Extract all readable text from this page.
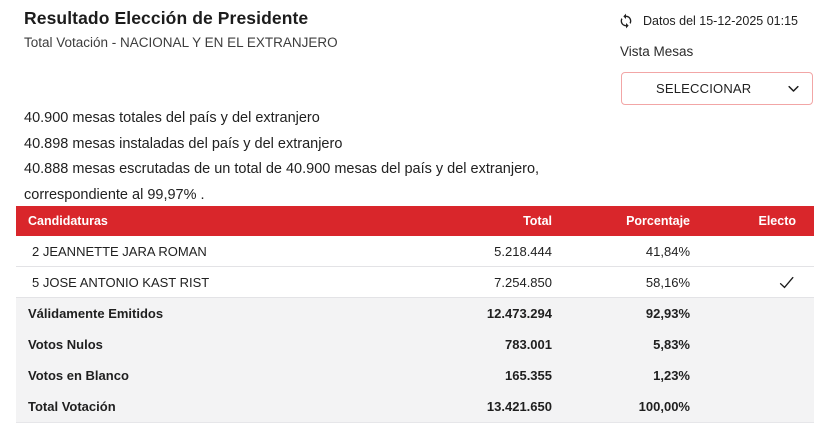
Resultado Elección de Presidente
Total Votación - NACIONAL Y EN EL EXTRANJERO
Datos del 15-12-2025 01:15
Vista Mesas
SELECCIONAR
40.900 mesas totales del país y del extranjero
40.898 mesas instaladas del país y del extranjero
40.888 mesas escrutadas de un total de 40.900 mesas del país y del extranjero,
correspondiente al 99,97% .
Candidaturas	Total	Porcentaje	Electo
2 JEANNETTE JARA ROMAN	5.218.444	41,84%
5 JOSE ANTONIO KAST RIST	7.254.850	58,16%
Válidamente Emitidos	12.473.294	92,93%
Votos Nulos	783.001	5,83%
Votos en Blanco	165.355	1,23%
Total Votación	13.421.650	100,00%
